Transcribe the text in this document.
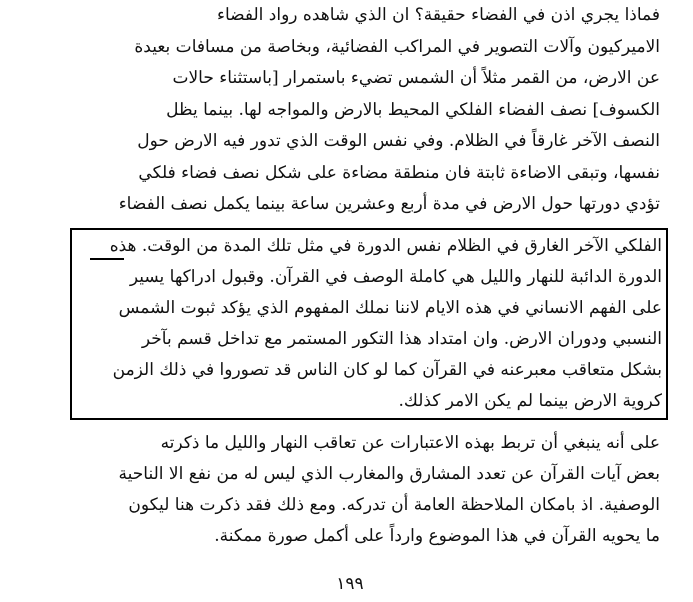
فماذا يجري اذن في الفضاء حقيقة؟ ان الذي شاهده رواد الفضاء
الاميركيون وآلات التصوير في المراكب الفضائية، وبخاصة من مسافات بعيدة
عن الارض، من القمر مثلاً أن الشمس تضيء باستمرار [باستثناء حالات
الكسوف] نصف الفضاء الفلكي المحيط بالارض والمواجه لها. بينما يظل
النصف الآخر غارقاً في الظلام. وفي نفس الوقت الذي تدور فيه الارض حول
نفسها، وتبقى الاضاءة ثابتة فان منطقة مضاءة على شكل نصف فضاء فلكي
تؤدي دورتها حول الارض في مدة أربع وعشرين ساعة بينما يكمل نصف الفضاء
الفلكي الآخر الغارق في الظلام نفس الدورة في مثل تلك المدة من الوقت. هذه
الدورة الدائبة للنهار والليل هي كاملة الوصف في القرآن. وقبول ادراكها يسير
على الفهم الانساني في هذه الايام لاننا نملك المفهوم الذي يؤكد ثبوت الشمس
النسبي ودوران الارض. وان امتداد هذا التكور المستمر مع تداخل قسم بآخر
بشكل متعاقب معبرعنه في القرآن كما لو كان الناس قد تصوروا في ذلك الزمن
كروية الارض بينما لم يكن الامر كذلك.
على أنه ينبغي أن تربط بهذه الاعتبارات عن تعاقب النهار والليل ما ذكرته
بعض آيات القرآن عن تعدد المشارق والمغارب الذي ليس له من نفع الا الناحية
الوصفية. اذ بامكان الملاحظة العامة أن تدركه. ومع ذلك فقد ذكرت هنا ليكون
ما يحويه القرآن في هذا الموضوع وارداً على أكمل صورة ممكنة.
١٩٩
